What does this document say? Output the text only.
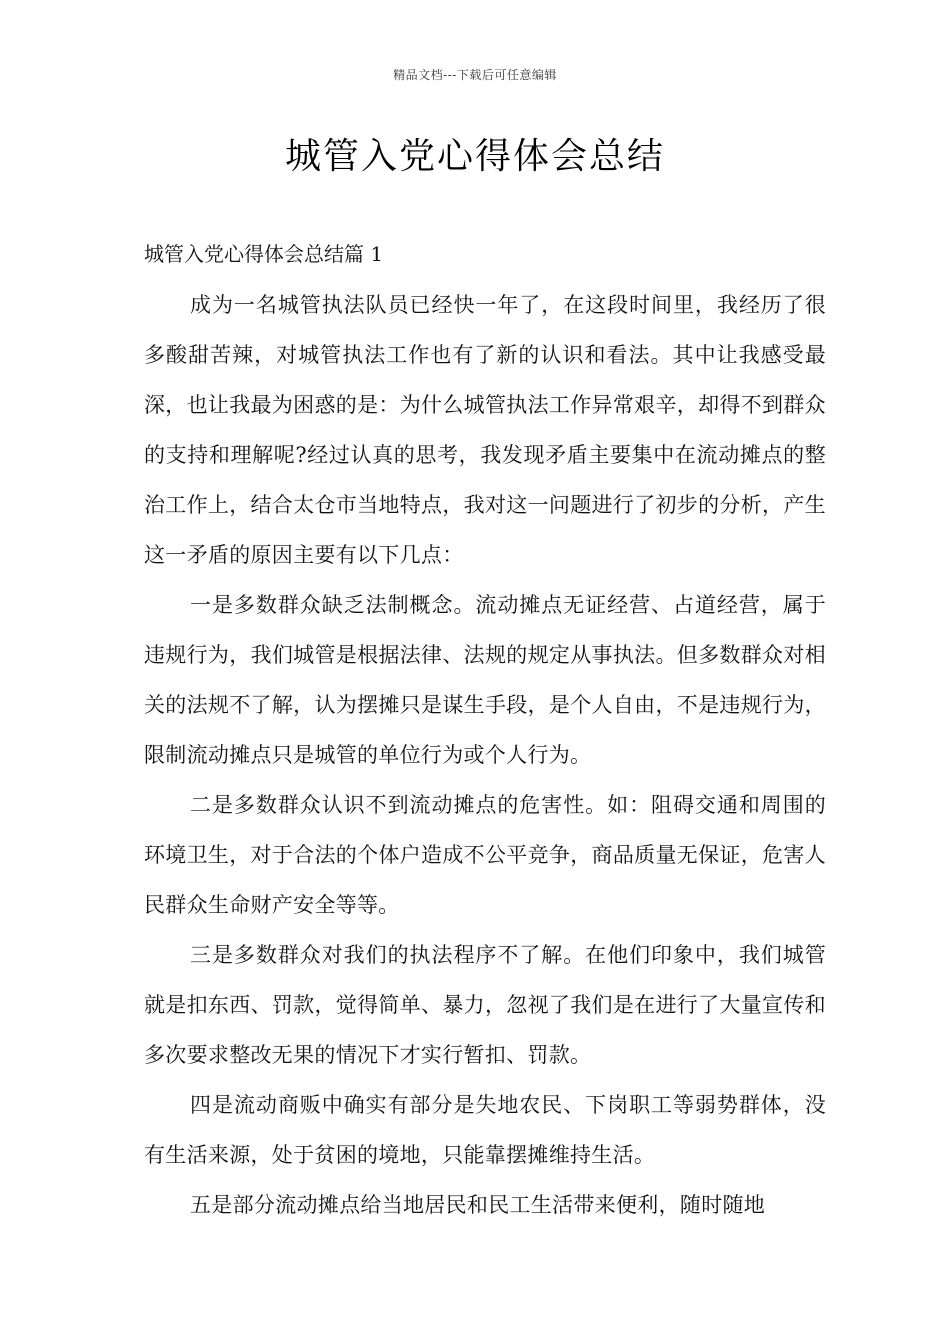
精品文档---下载后可任意编辑
城管入党心得体会总结
城管入党心得体会总结篇 1

成为一名城管执法队员已经快一年了，在这段时间里，我经历了很多酸甜苦辣，对城管执法工作也有了新的认识和看法。其中让我感受最深，也让我最为困惑的是：为什么城管执法工作异常艰辛，却得不到群众的支持和理解呢?经过认真的思考，我发现矛盾主要集中在流动摊点的整治工作上，结合太仓市当地特点，我对这一问题进行了初步的分析，产生这一矛盾的原因主要有以下几点：

一是多数群众缺乏法制概念。流动摊点无证经营、占道经营，属于违规行为，我们城管是根据法律、法规的规定从事执法。但多数群众对相关的法规不了解，认为摆摊只是谋生手段，是个人自由，不是违规行为，限制流动摊点只是城管的单位行为或个人行为。

二是多数群众认识不到流动摊点的危害性。如：阻碍交通和周围的环境卫生，对于合法的个体户造成不公平竞争，商品质量无保证，危害人民群众生命财产安全等等。

三是多数群众对我们的执法程序不了解。在他们印象中，我们城管就是扣东西、罚款，觉得简单、暴力，忽视了我们是在进行了大量宣传和多次要求整改无果的情况下才实行暂扣、罚款。

四是流动商贩中确实有部分是失地农民、下岗职工等弱势群体，没有生活来源，处于贫困的境地，只能靠摆摊维持生活。

五是部分流动摊点给当地居民和民工生活带来便利，随时随地
